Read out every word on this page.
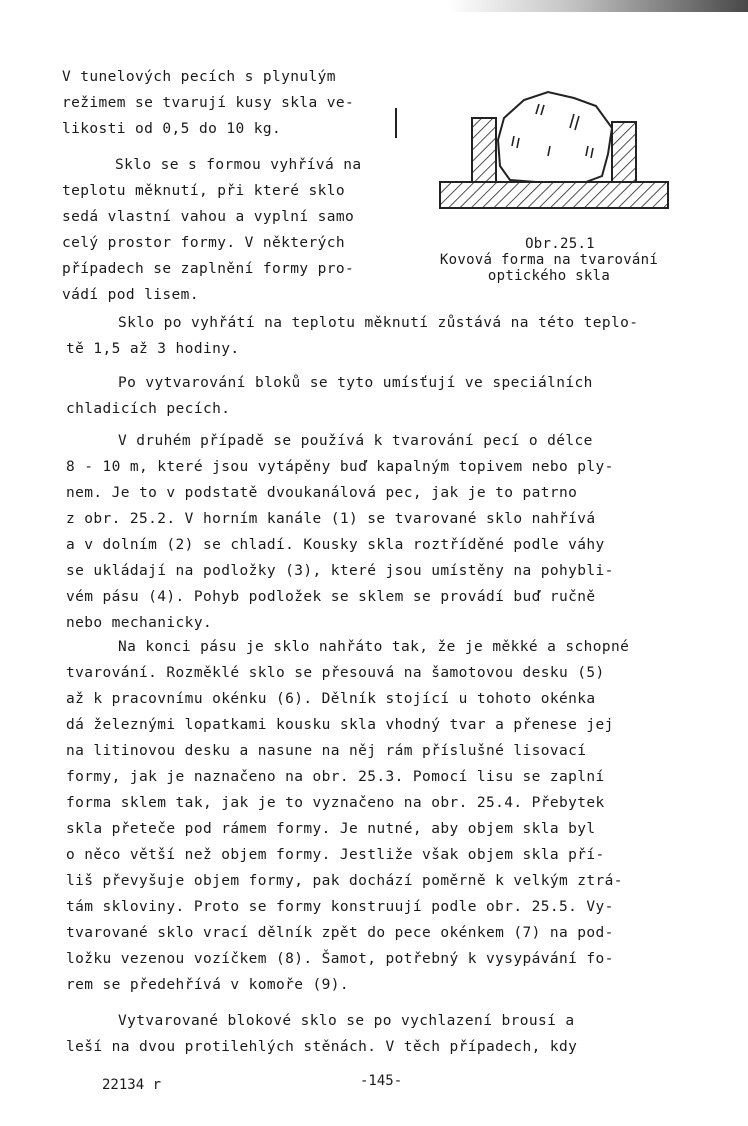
V tunelových pecích s plynulým
režimem se tvarují kusy skla ve-
likosti od 0,5 do 10 kg.
Sklo se s formou vyhřívá na
teplotu měknutí, při které sklo
sedá vlastní vahou a vyplní samo
celý prostor formy. V některých
případech se zaplnění formy pro-
vádí pod lisem.
Obr.25.1
Kovová forma na tvarování
optického skla
Sklo po vyhřátí na teplotu měknutí zůstává na této teplo-
tě 1,5 až 3 hodiny.
Po vytvarování bloků se tyto umísťují ve speciálních
chladicích pecích.
V druhém případě se používá k tvarování pecí o délce
8 - 10 m, které jsou vytápěny buď kapalným topivem nebo ply-
nem. Je to v podstatě dvoukanálová pec, jak je to patrno
z obr. 25.2. V horním kanále (1) se tvarované sklo nahřívá
a v dolním (2) se chladí. Kousky skla roztříděné podle váhy
se ukládají na podložky (3), které jsou umístěny na pohybli-
vém pásu (4). Pohyb podložek se sklem se provádí buď ručně
nebo mechanicky.
Na konci pásu je sklo nahřáto tak, že je měkké a schopné
tvarování. Rozměklé sklo se přesouvá na šamotovou desku (5)
až k pracovnímu okénku (6). Dělník stojící u tohoto okénka
dá železnými lopatkami kousku skla vhodný tvar a přenese jej
na litinovou desku a nasune na něj rám příslušné lisovací
formy, jak je naznačeno na obr. 25.3. Pomocí lisu se zaplní
forma sklem tak, jak je to vyznačeno na obr. 25.4. Přebytek
skla přeteče pod rámem formy. Je nutné, aby objem skla byl
o něco větší než objem formy. Jestliže však objem skla pří-
liš převyšuje objem formy, pak dochází poměrně k velkým ztrá-
tám skloviny. Proto se formy konstruují podle obr. 25.5. Vy-
tvarované sklo vrací dělník zpět do pece okénkem (7) na pod-
ložku vezenou vozíčkem (8). Šamot, potřebný k vysypávání fo-
rem se předehřívá v komoře (9).
Vytvarované blokové sklo se po vychlazení brousí a
leší na dvou protilehlých stěnách. V těch případech, kdy
22134 r	-145-
